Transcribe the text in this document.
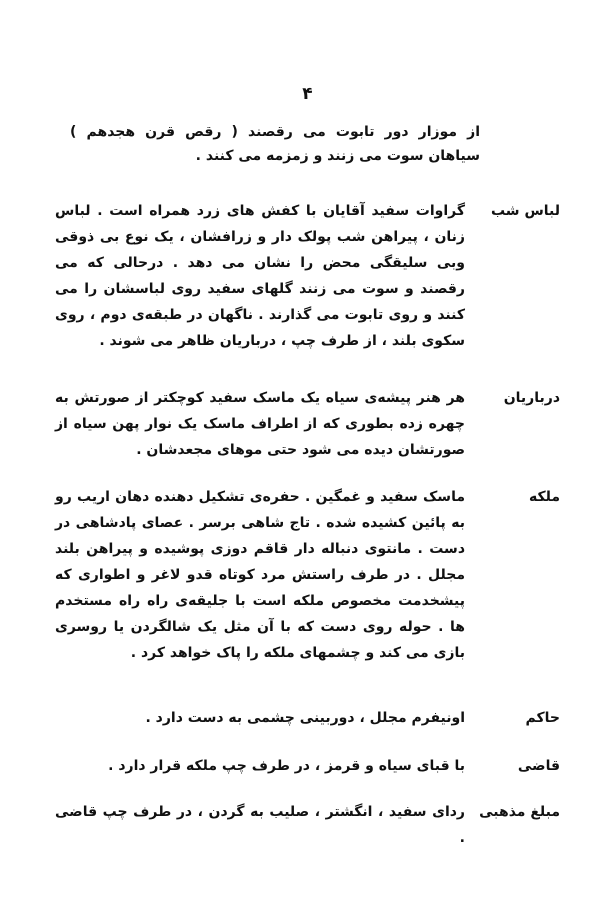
۴
از موزار دور تابوت می رقصند ( رقص قرن هجدهم ) سیاهان سوت می زنند و زمزمه می کنند .
لباس شب
گراوات سفید آقایان با کفش های زرد همراه است . لباس زنان ، پیراهن شب پولک دار و زرافشان ، یک نوع بی ذوقی وبی سلیقگی محض را نشان می دهد . درحالی که می رقصند و سوت می زنند گلهای سفید روی لباسشان را می کنند و روی تابوت می گذارند . ناگهان در طبقه‌ی دوم ، روی سکوی بلند ، از طرف چپ ، درباریان ظاهر می شوند .
درباریان
هر هنر پیشه‌ی سیاه یک ماسک سفید کوچکتر از صورتش به چهره زده بطوری که از اطراف ماسک یک نوار پهن سیاه از صورتشان دیده می شود حتی موهای مجعدشان .
ملکه
ماسک سفید و غمگین . حفره‌ی تشکیل دهنده دهان اریب رو به پائین کشیده شده . تاج شاهی برسر . عصای پادشاهی در دست . مانتوی دنباله دار قاقم دوزی پوشیده و پیراهن بلند مجلل . در طرف راستش مرد کوتاه قدو لاغر و اطواری که پیشخدمت مخصوص ملکه است با جلیقه‌ی راه راه مستخدم ها . حوله روی دست که با آن مثل یک شالگردن یا روسری بازی می کند و چشمهای ملکه را پاک خواهد کرد .
حاکم
اونیفرم مجلل ، دوربینی چشمی به دست دارد .
قاضی
با قبای سیاه و قرمز ، در طرف چپ ملکه قرار دارد .
مبلغ مذهبی
ردای سفید ، انگشتر ، صلیب به گردن ، در طرف چپ قاضی .
